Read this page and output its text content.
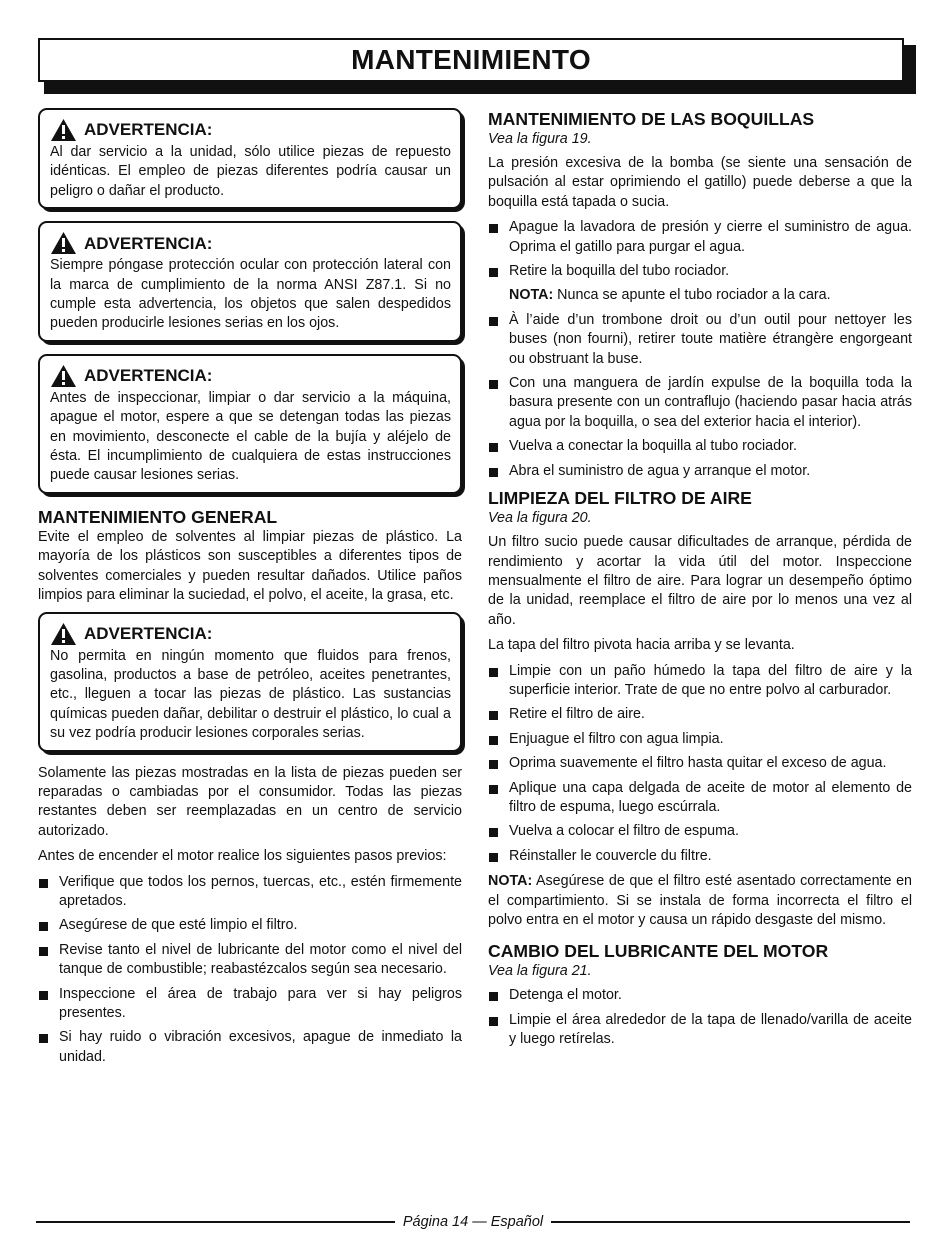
MANTENIMIENTO
ADVERTENCIA:
Al dar servicio a la unidad, sólo utilice piezas de repuesto idénticas. El empleo de piezas diferentes podría causar un peligro o dañar el producto.
ADVERTENCIA:
Siempre póngase protección ocular con protección lateral con la marca de cumplimiento de la norma ANSI Z87.1. Si no cumple esta advertencia, los objetos que salen despedidos pueden producirle lesiones serias en los ojos.
ADVERTENCIA:
Antes de inspeccionar, limpiar o dar servicio a la máquina, apague el motor, espere a que se detengan todas las piezas en movimiento, desconecte el cable de la bujía y aléjelo de ésta. El incumplimiento de cualquiera de estas instrucciones puede causar lesiones serias.
MANTENIMIENTO GENERAL

Evite el empleo de solventes al limpiar piezas de plástico. La mayoría de los plásticos son susceptibles a diferentes tipos de solventes comerciales y pueden resultar dañados. Utilice paños limpios para eliminar la suciedad, el polvo, el aceite, la grasa, etc.

ADVERTENCIA:
No permita en ningún momento que fluidos para frenos, gasolina, productos a base de petróleo, aceites penetrantes, etc., lleguen a tocar las piezas de plástico. Las sustancias químicas pueden dañar, debilitar o destruir el plástico, lo cual a su vez podría producir lesiones corporales serias.

Solamente las piezas mostradas en la lista de piezas pueden ser reparadas o cambiadas por el consumidor. Todas las piezas restantes deben ser reemplazadas en un centro de servicio autorizado.

Antes de encender el motor realice los siguientes pasos previos:

Verifique que todos los pernos, tuercas, etc., estén firmemente apretados.
Asegúrese de que esté limpio el filtro.
Revise tanto el nivel de lubricante del motor como el nivel del tanque de combustible; reabastézcalos según sea necesario.
Inspeccione el área de trabajo para ver si hay peligros presentes.
Si hay ruido o vibración excesivos, apague de inmediato la unidad.
MANTENIMIENTO DE LAS BOQUILLAS
Vea la figura 19.

La presión excesiva de la bomba (se siente una sensación de pulsación al estar oprimiendo el gatillo) puede deberse a que la boquilla está tapada o sucia.

Apague la lavadora de presión y cierre el suministro de agua. Oprima el gatillo para purgar el agua.
Retire la boquilla del tubo rociador.
NOTA: Nunca se apunte el tubo rociador a la cara.
À l’aide d’un trombone droit ou d’un outil pour nettoyer les buses (non fourni), retirer toute matière étrangère engorgeant ou obstruant la buse.
Con una manguera de jardín expulse de la boquilla toda la basura presente con un contraflujo (haciendo pasar hacia atrás agua por la boquilla, o sea del exterior hacia el interior).
Vuelva a conectar la boquilla al tubo rociador.
Abra el suministro de agua y arranque el motor.
LIMPIEZA DEL FILTRO DE AIRE
Vea la figura 20.

Un filtro sucio puede causar dificultades de arranque, pérdida de rendimiento y acortar la vida útil del motor. Inspeccione mensualmente el filtro de aire. Para lograr un desempeño óptimo de la unidad, reemplace el filtro de aire por lo menos una vez al año.

La tapa del filtro pivota hacia arriba y se levanta.

Limpie con un paño húmedo la tapa del filtro de aire y la superficie interior. Trate de que no entre polvo al carburador.
Retire el filtro de aire.
Enjuague el filtro con agua limpia.
Oprima suavemente el filtro hasta quitar el exceso de agua.
Aplique una capa delgada de aceite de motor al elemento de filtro de espuma, luego escúrrala.
Vuelva a colocar el filtro de espuma.
Réinstaller le couvercle du filtre.

NOTA: Asegúrese de que el filtro esté asentado correctamente en el compartimiento. Si se instala de forma incorrecta el filtro el polvo entra en el motor y causa un rápido desgaste del mismo.

CAMBIO DEL LUBRICANTE DEL MOTOR
Vea la figura 21.
Detenga el motor.
Limpie el área alrededor de la tapa de llenado/varilla de aceite y luego retírelas.
Página 14 — Español
